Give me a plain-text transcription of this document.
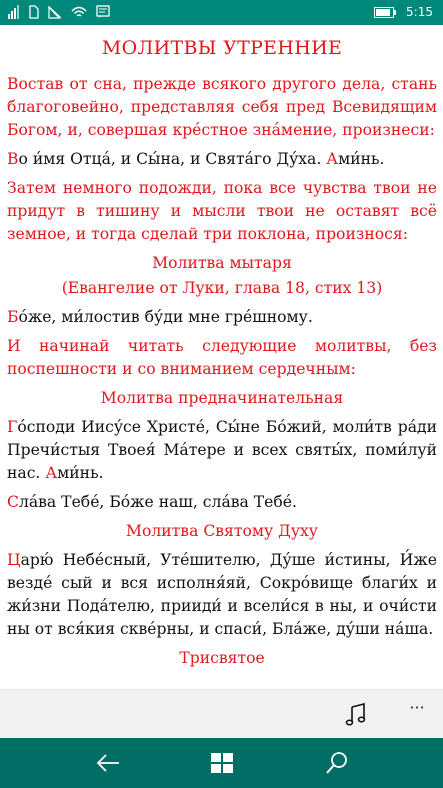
5:15
МОЛИТВЫ УТРЕННИЕ

Востав от сна, прежде всякого другого дела, стань благоговейно, представляя себя пред Всевидящим Богом, и, совершая кре́стное зна́мение, произнеси:

Во и́мя Отца́, и Сы́на, и Свята́го Ду́ха. Ами́нь.

Затем немного подожди, пока все чувства твои не придут в тишину и мысли твои не оставят всё земное, и тогда сделай три поклона, произнося:

Молитва мытаря
(Евангелие от Луки, глава 18, стих 13)

Бо́же, ми́лостив бу́ди мне гре́шному.

И начинай читать следующие молитвы, без поспешности и со вниманием сердечным:

Молитва предначинательная

Го́споди Иису́се Христе́, Сы́не Бо́жий, моли́тв ра́ди Пречи́стыя Твоея́ Ма́тере и всех святы́х, поми́луй нас. Ами́нь.

Сла́ва Тебе́, Бо́же наш, сла́ва Тебе́.

Молитва Святому Духу

Царю́ Небе́сный, Уте́шителю, Ду́ше и́стины, И́же везде́ сый и вся исполня́яй, Сокро́вище благи́х и жи́зни Пода́телю, прииди́ и всели́ся в ны, и очи́сти ны от вся́кия скве́рны, и спаси́, Бла́же, ду́ши на́ша.

Трисвятое
···
